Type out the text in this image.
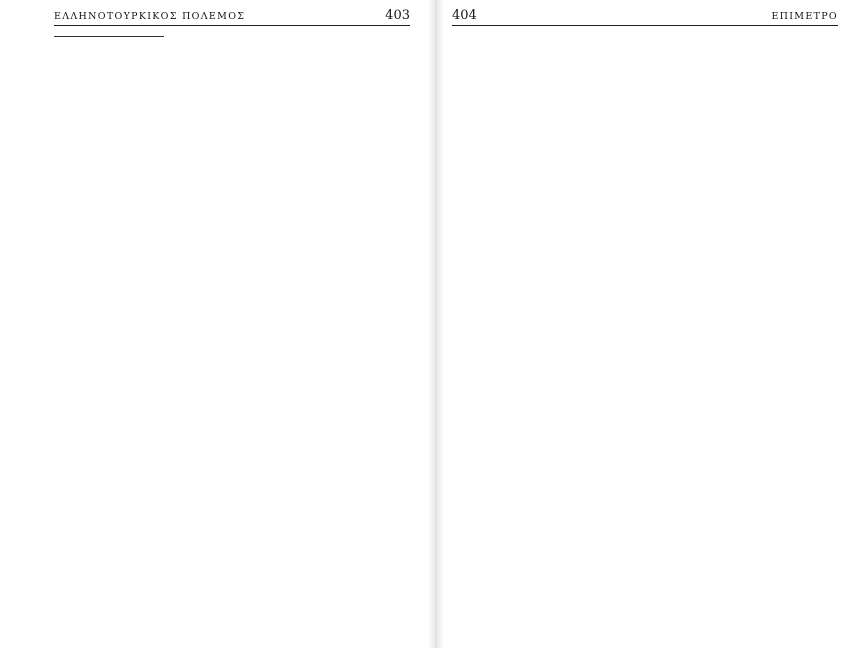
ΕΛΛΗΝΟΤΟΥΡΚΙΚΟΣ ΠΟΛΕΜΟΣ	403	404	ΕΠΙΜΕΤΡΟ
